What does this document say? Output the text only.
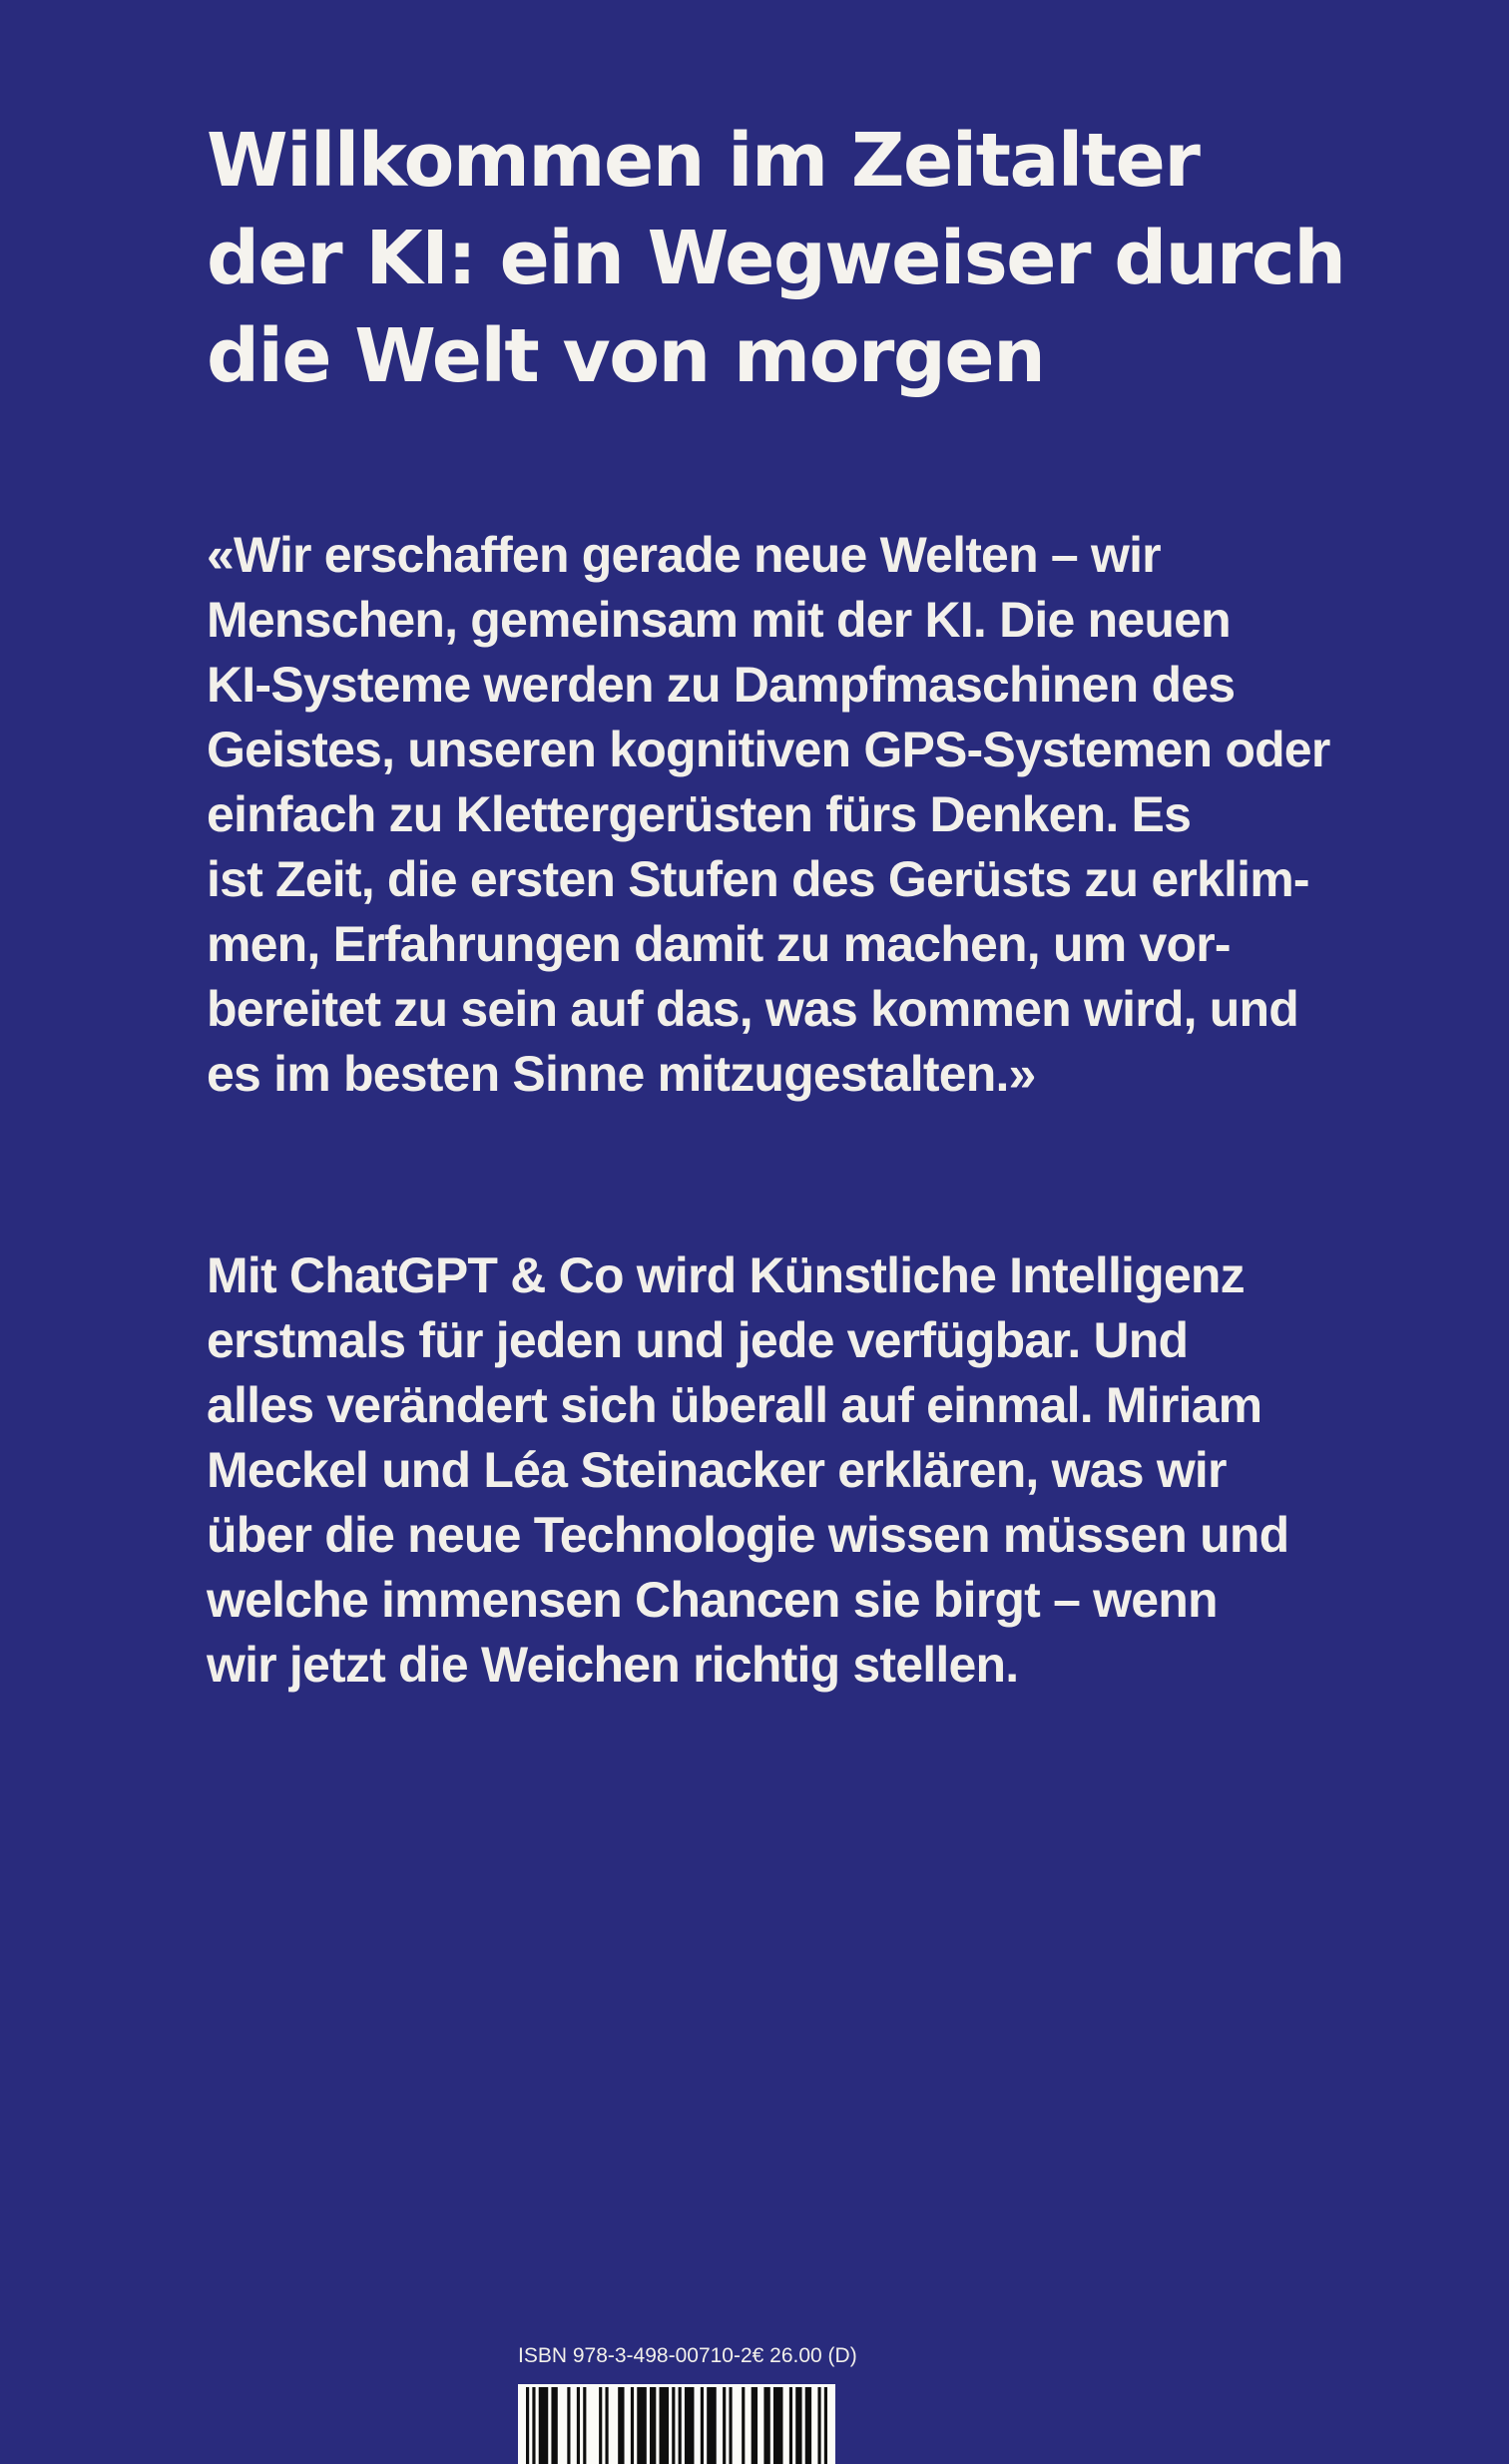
Willkommen im Zeitalter
der KI: ein Wegweiser durch
die Welt von morgen
«Wir erschaffen gerade neue Welten – wir
Menschen, gemeinsam mit der KI. Die neuen
KI-Systeme werden zu Dampfmaschinen des
Geistes, unseren kognitiven GPS-Systemen oder
einfach zu Klettergerüsten fürs Denken. Es
ist Zeit, die ersten Stufen des Gerüsts zu erklim-
men, Erfahrungen damit zu machen, um vor-
bereitet zu sein auf das, was kommen wird, und
es im besten Sinne mitzugestalten.»
Mit ChatGPT & Co wird Künstliche Intelligenz
erstmals für jeden und jede verfügbar. Und
alles verändert sich überall auf einmal. Miriam
Meckel und Léa Steinacker erklären, was wir
über die neue Technologie wissen müssen und
welche immensen Chancen sie birgt – wenn
wir jetzt die Weichen richtig stellen.
ISBN 978-3-498-00710-2 € 26.00 (D)
